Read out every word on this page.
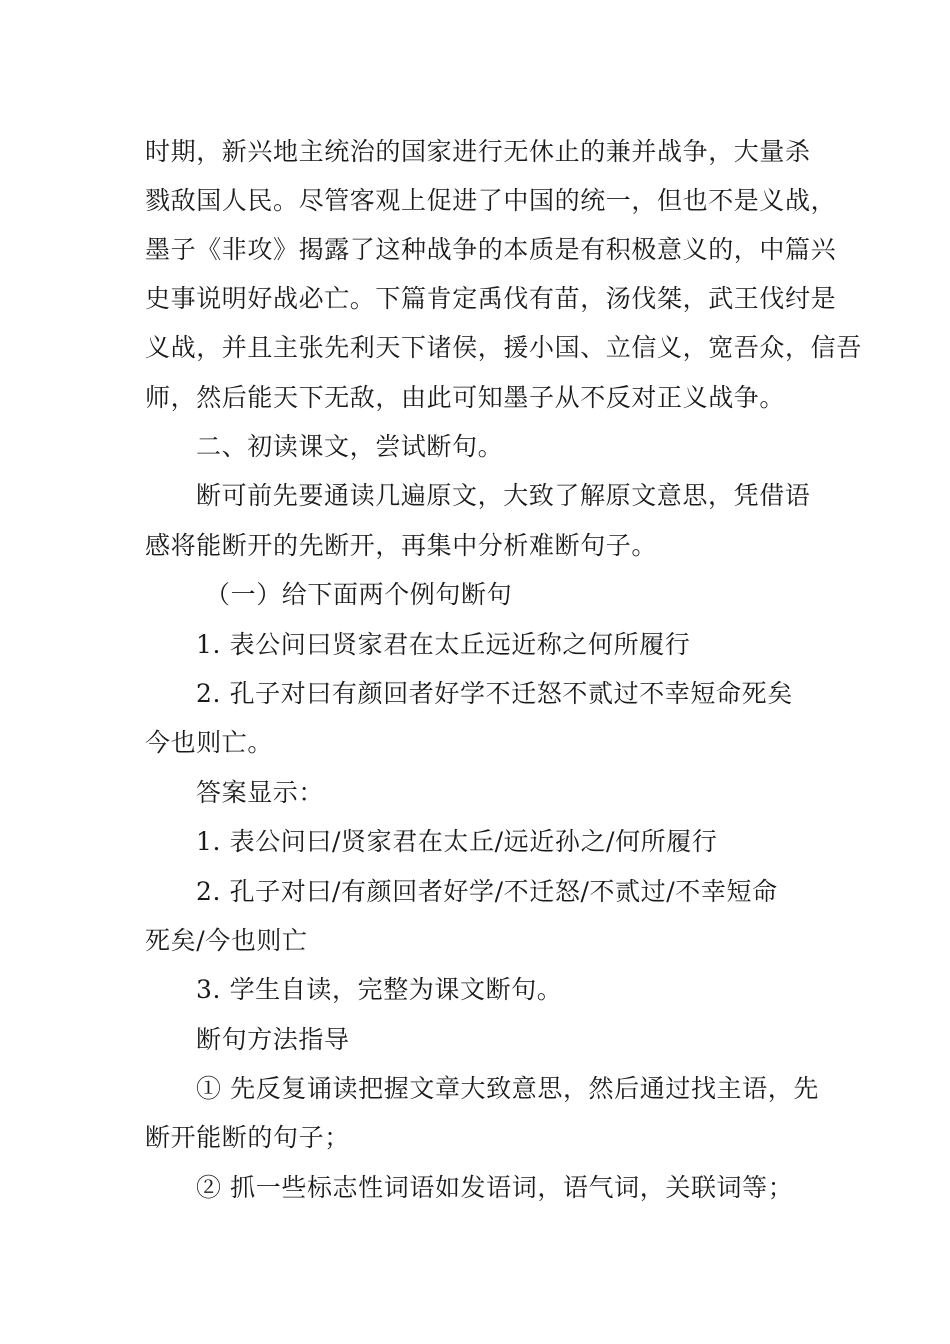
时期，新兴地主统治的国家进行无休止的兼并战争，大量杀
戮敌国人民。尽管客观上促进了中国的统一，但也不是义战，
墨子《非攻》揭露了这种战争的本质是有积极意义的，中篇兴
史事说明好战必亡。下篇肯定禹伐有苗，汤伐桀，武王伐纣是
义战，并且主张先利天下诸侯，援小国、立信义，宽吾众，信吾
师，然后能天下无敌，由此可知墨子从不反对正义战争。
二、初读课文，尝试断句。
断可前先要通读几遍原文，大致了解原文意思，凭借语
感将能断开的先断开，再集中分析难断句子。
（一）给下面两个例句断句
1. 表公问曰贤家君在太丘远近称之何所履行
2. 孔子对曰有颜回者好学不迁怒不贰过不幸短命死矣
今也则亡。
答案显示：
1. 表公问曰/贤家君在太丘/远近孙之/何所履行
2. 孔子对曰/有颜回者好学/不迁怒/不贰过/不幸短命
死矣/今也则亡
3. 学生自读，完整为课文断句。
断句方法指导
① 先反复诵读把握文章大致意思，然后通过找主语，先
断开能断的句子；
② 抓一些标志性词语如发语词，语气词，关联词等；
